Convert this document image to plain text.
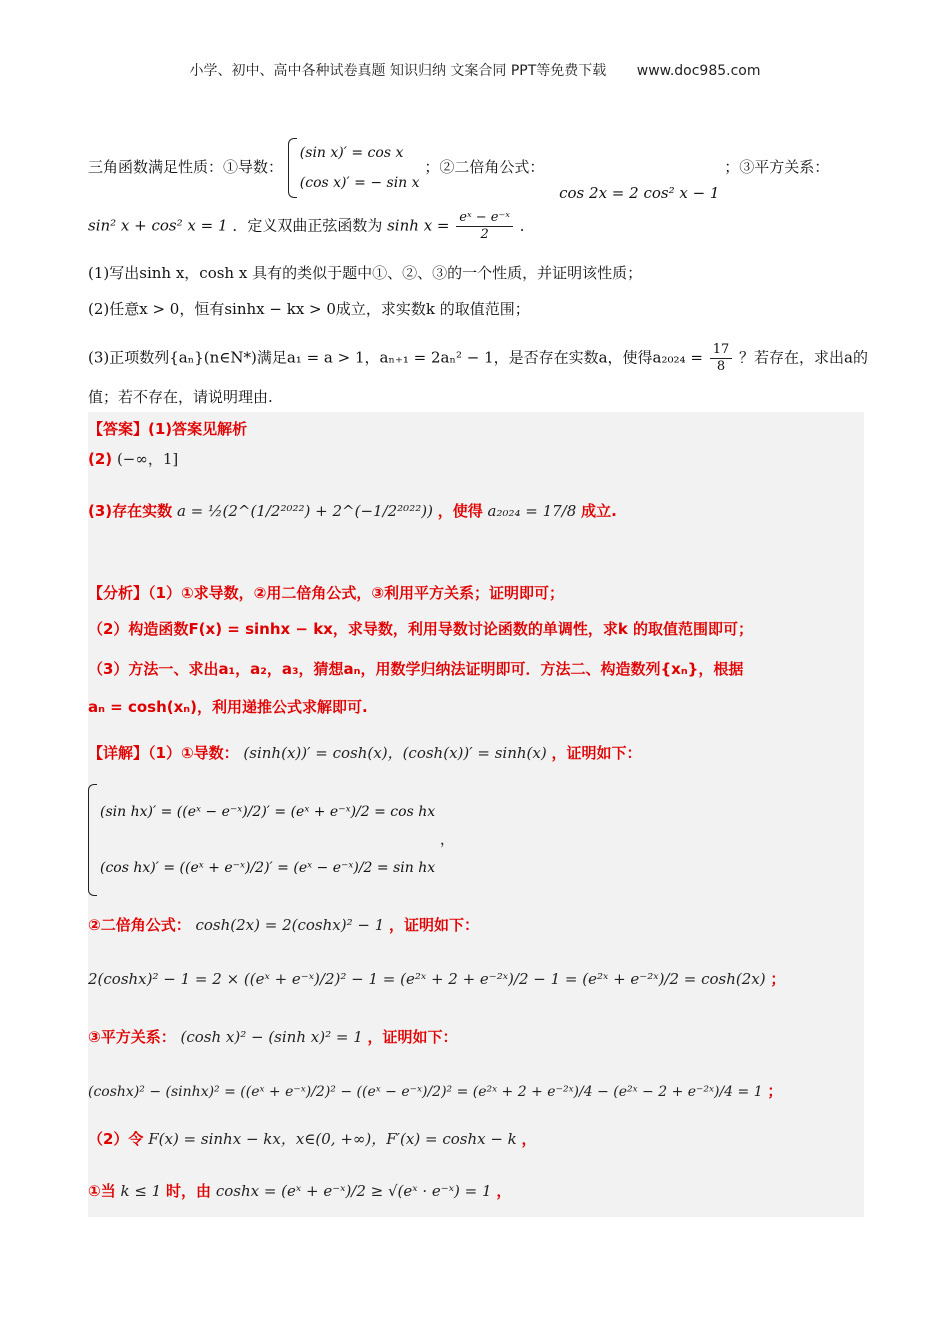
小学、初中、高中各种试卷真题 知识归纳 文案合同 PPT等免费下载 www.doc985.com
三角函数满足性质：①导数：
(sin x)′ = cos x
(cos x)′ = − sin x
；②二倍角公式： cos 2x = 2 cos² x − 1 ；③平方关系：
sin² x + cos² x = 1 ．定义双曲正弦函数为 $\sinh x = \frac{\text{eˣ − e⁻ˣ}}{2}$ ．
(1)写出sinh x，cosh x 具有的类似于题中①、②、③的一个性质，并证明该性质；
(2)任意x > 0，恒有sinhx − kx > 0成立，求实数k 的取值范围；
(3)正项数列{aₙ}(n∈N*)满足a₁ = a > 1，aₙ₊₁ = 2aₙ² − 1，是否存在实数a，使得$a_{2024} = \frac{17}{8}$ ？若存在，求出a的
值；若不存在，请说明理由.
【答案】(1)答案见解析
(2) (−∞，1]
(3)存在实数 a = ½(2^(1/2²⁰²²) + 2^(−1/2²⁰²²)) ，使得 a₂₀₂₄ = 17/8 成立.
【分析】（1）①求导数，②用二倍角公式，③利用平方关系；证明即可；
（2）构造函数F(x) = sinhx − kx，求导数，利用导数讨论函数的单调性，求k 的取值范围即可；
（3）方法一、求出a₁，a₂，a₃，猜想aₙ，用数学归纳法证明即可．方法二、构造数列{xₙ}，根据
aₙ = cosh(xₙ)，利用递推公式求解即可.
【详解】（1）①导数： (sinh(x))′ = cosh(x)，(cosh(x))′ = sinh(x) ，证明如下：
(sin hx)′ = ((eˣ − e⁻ˣ)/2)′ = (eˣ + e⁻ˣ)/2 = cos hx
(cos hx)′ = ((eˣ + e⁻ˣ)/2)′ = (eˣ − e⁻ˣ)/2 = sin hx
，
②二倍角公式： cosh(2x) = 2(coshx)² − 1 ，证明如下：
2(coshx)² − 1 = 2 × ((eˣ + e⁻ˣ)/2)² − 1 = (e²ˣ + 2 + e⁻²ˣ)/2 − 1 = (e²ˣ + e⁻²ˣ)/2 = cosh(2x) ；
③平方关系： (cosh x)² − (sinh x)² = 1 ，证明如下：
(coshx)² − (sinhx)² = ((eˣ + e⁻ˣ)/2)² − ((eˣ − e⁻ˣ)/2)² = (e²ˣ + 2 + e⁻²ˣ)/4 − (e²ˣ − 2 + e⁻²ˣ)/4 = 1 ；
（2）令 F(x) = sinhx − kx，x∈(0, +∞)，F′(x) = coshx − k ，
①当 k ≤ 1 时，由 coshx = (eˣ + e⁻ˣ)/2 ≥ √(eˣ · e⁻ˣ) = 1 ，
